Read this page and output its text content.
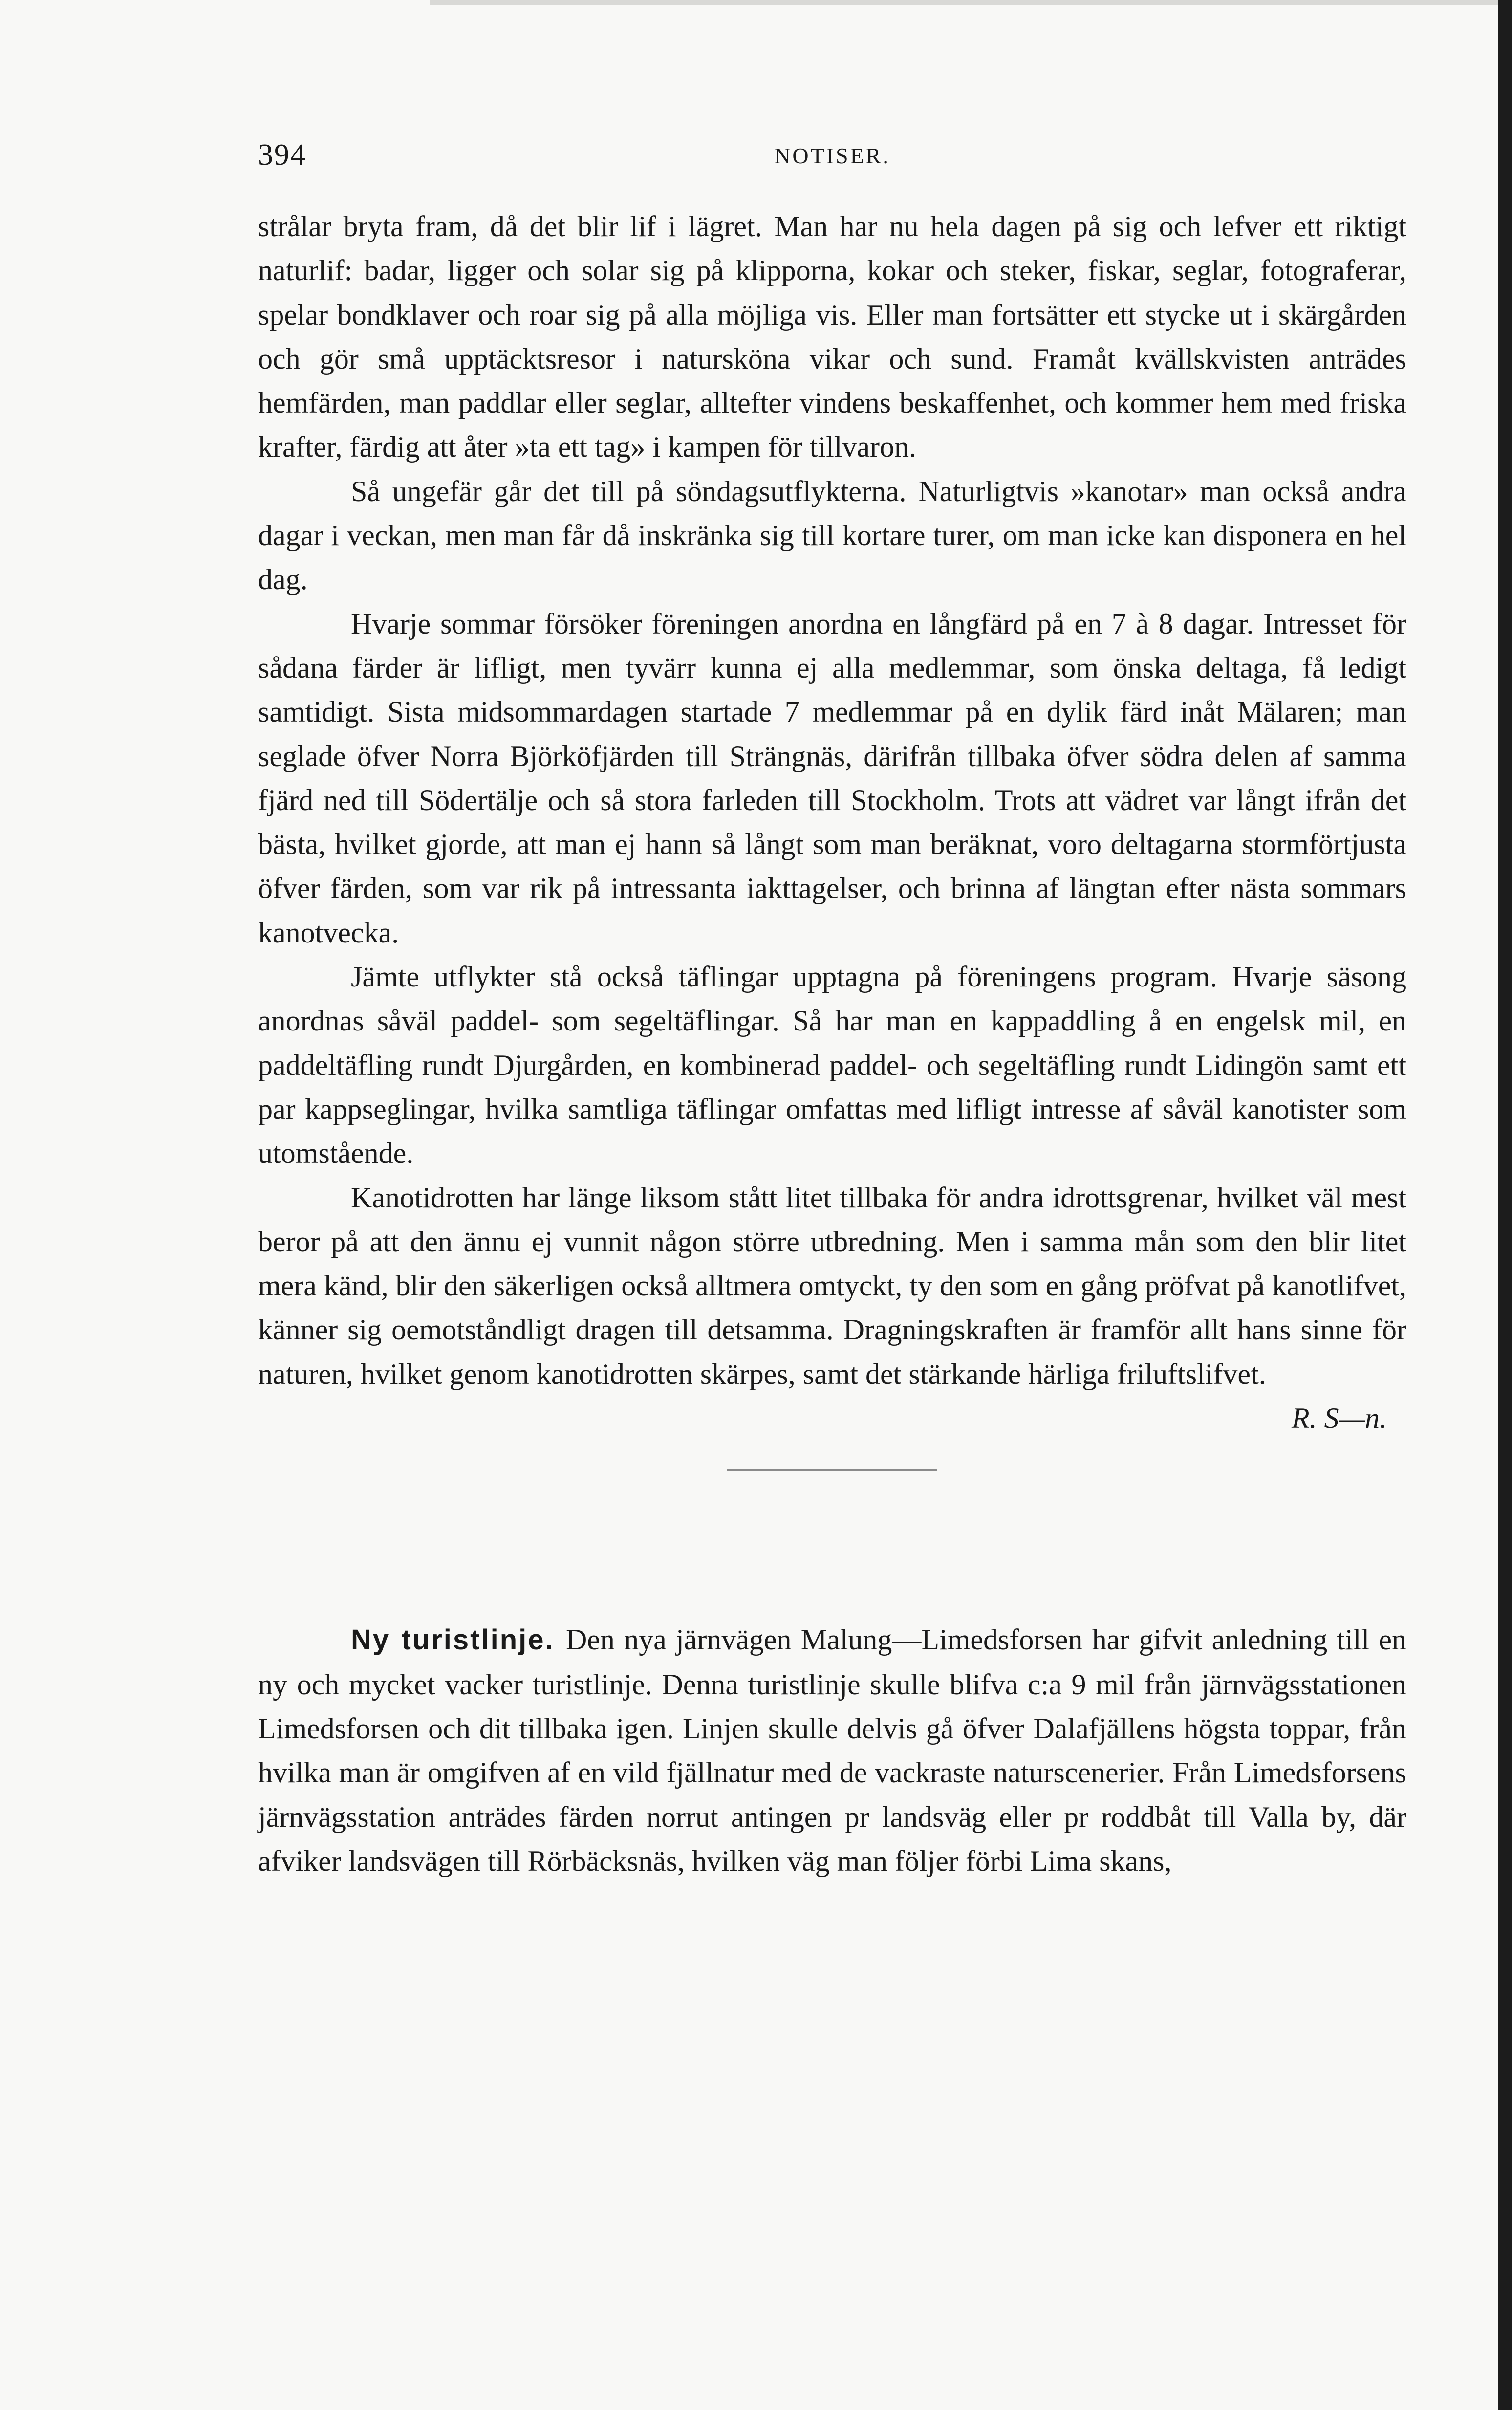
394	NOTISER.

strålar bryta fram, då det blir lif i lägret. Man har nu hela dagen på sig och lefver ett riktigt naturlif: badar, ligger och solar sig på klipporna, kokar och steker, fiskar, seglar, fotograferar, spelar bondklaver och roar sig på alla möjliga vis. Eller man fortsätter ett stycke ut i skärgården och gör små upptäcktsresor i natursköna vikar och sund. Framåt kvällskvisten anträdes hemfärden, man paddlar eller seglar, alltefter vindens beskaffenhet, och kommer hem med friska krafter, färdig att åter »ta ett tag» i kampen för tillvaron.

Så ungefär går det till på söndagsutflykterna. Naturligtvis »kanotar» man också andra dagar i veckan, men man får då inskränka sig till kortare turer, om man icke kan disponera en hel dag.

Hvarje sommar försöker föreningen anordna en långfärd på en 7 à 8 dagar. Intresset för sådana färder är lifligt, men tyvärr kunna ej alla medlemmar, som önska deltaga, få ledigt samtidigt. Sista midsommardagen startade 7 medlemmar på en dylik färd inåt Mälaren; man seglade öfver Norra Björköfjärden till Strängnäs, därifrån tillbaka öfver södra delen af samma fjärd ned till Södertälje och så stora farleden till Stockholm. Trots att vädret var långt ifrån det bästa, hvilket gjorde, att man ej hann så långt som man beräknat, voro deltagarna stormförtjusta öfver färden, som var rik på intressanta iakttagelser, och brinna af längtan efter nästa sommars kanotvecka.

Jämte utflykter stå också täflingar upptagna på föreningens program. Hvarje säsong anordnas såväl paddel- som segeltäflingar. Så har man en kappaddling å en engelsk mil, en paddeltäfling rundt Djurgården, en kombinerad paddel- och segeltäfling rundt Lidingön samt ett par kappseglingar, hvilka samtliga täflingar omfattas med lifligt intresse af såväl kanotister som utomstående.

Kanotidrotten har länge liksom stått litet tillbaka för andra idrottsgrenar, hvilket väl mest beror på att den ännu ej vunnit någon större utbredning. Men i samma mån som den blir litet mera känd, blir den säkerligen också alltmera omtyckt, ty den som en gång pröfvat på kanotlifvet, känner sig oemotståndligt dragen till detsamma. Dragningskraften är framför allt hans sinne för naturen, hvilket genom kanotidrotten skärpes, samt det stärkande härliga friluftslifvet.

R. S—n.

Ny turistlinje. Den nya järnvägen Malung—Limedsforsen har gifvit anledning till en ny och mycket vacker turistlinje. Denna turistlinje skulle blifva c:a 9 mil från järnvägsstationen Limedsforsen och dit tillbaka igen. Linjen skulle delvis gå öfver Dalafjällens högsta toppar, från hvilka man är omgifven af en vild fjällnatur med de vackraste naturscenerier. Från Limedsforsens järnvägsstation anträdes färden norrut antingen pr landsväg eller pr roddbåt till Valla by, där afviker landsvägen till Rörbäcksnäs, hvilken väg man följer förbi Lima skans,
